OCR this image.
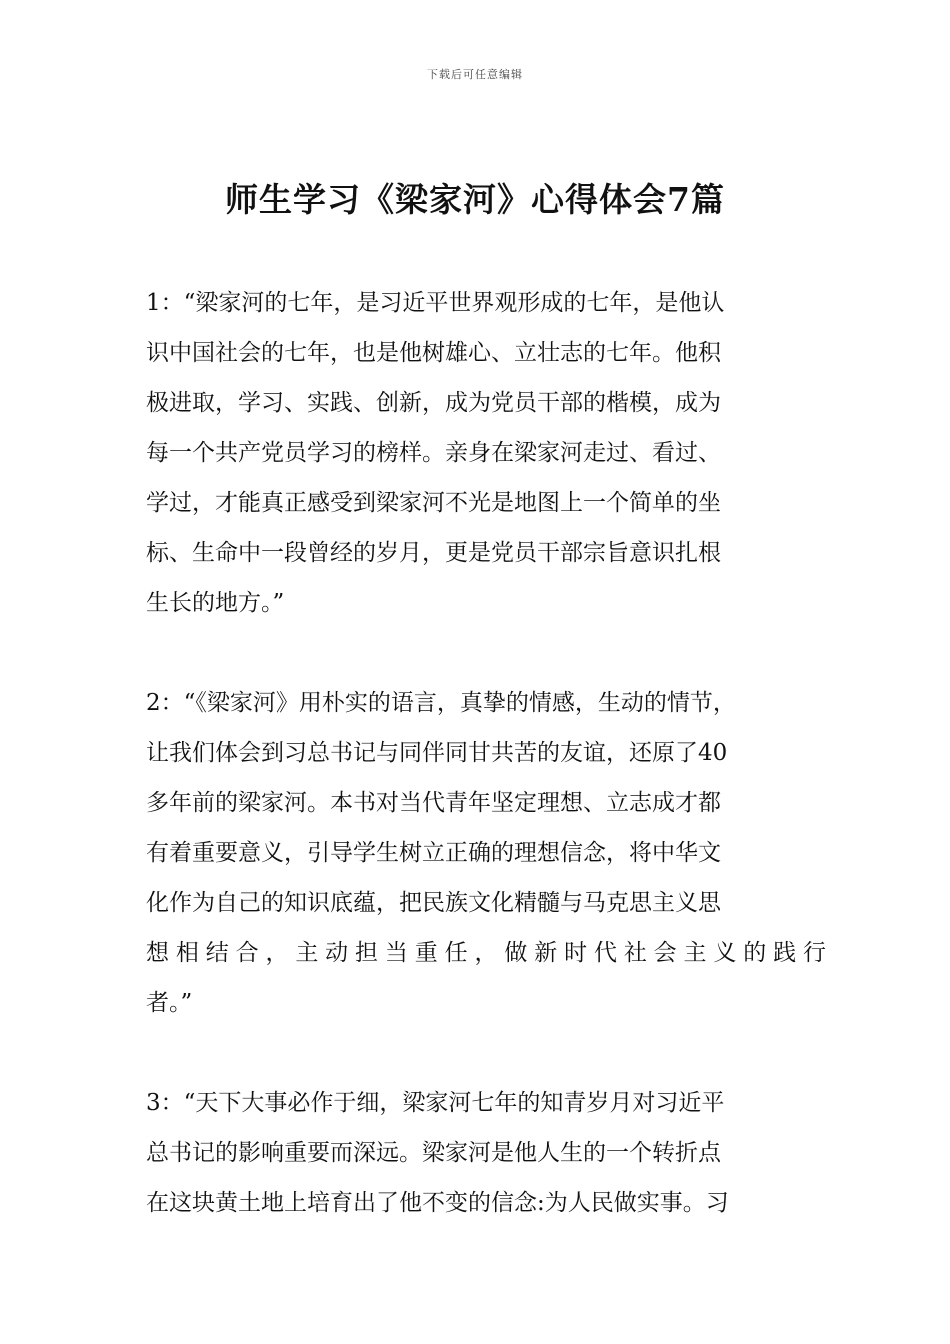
下载后可任意编辑
师生学习《梁家河》心得体会7篇
1：“梁家河的七年，是习近平世界观形成的七年，是他认
识中国社会的七年，也是他树雄心、立壮志的七年。他积
极进取，学习、实践、创新，成为党员干部的楷模，成为
每一个共产党员学习的榜样。亲身在梁家河走过、看过、
学过，才能真正感受到梁家河不光是地图上一个简单的坐
标、生命中一段曾经的岁月，更是党员干部宗旨意识扎根
生长的地方。”
2：“《梁家河》用朴实的语言，真挚的情感，生动的情节，
让我们体会到习总书记与同伴同甘共苦的友谊，还原了40
多年前的梁家河。本书对当代青年坚定理想、立志成才都
有着重要意义，引导学生树立正确的理想信念，将中华文
化作为自己的知识底蕴，把民族文化精髓与马克思主义思
想相结合，主动担当重任，做新时代社会主义的践行
者。”
3：“天下大事必作于细，梁家河七年的知青岁月对习近平
总书记的影响重要而深远。梁家河是他人生的一个转折点
在这块黄土地上培育出了他不变的信念:为人民做实事。习
